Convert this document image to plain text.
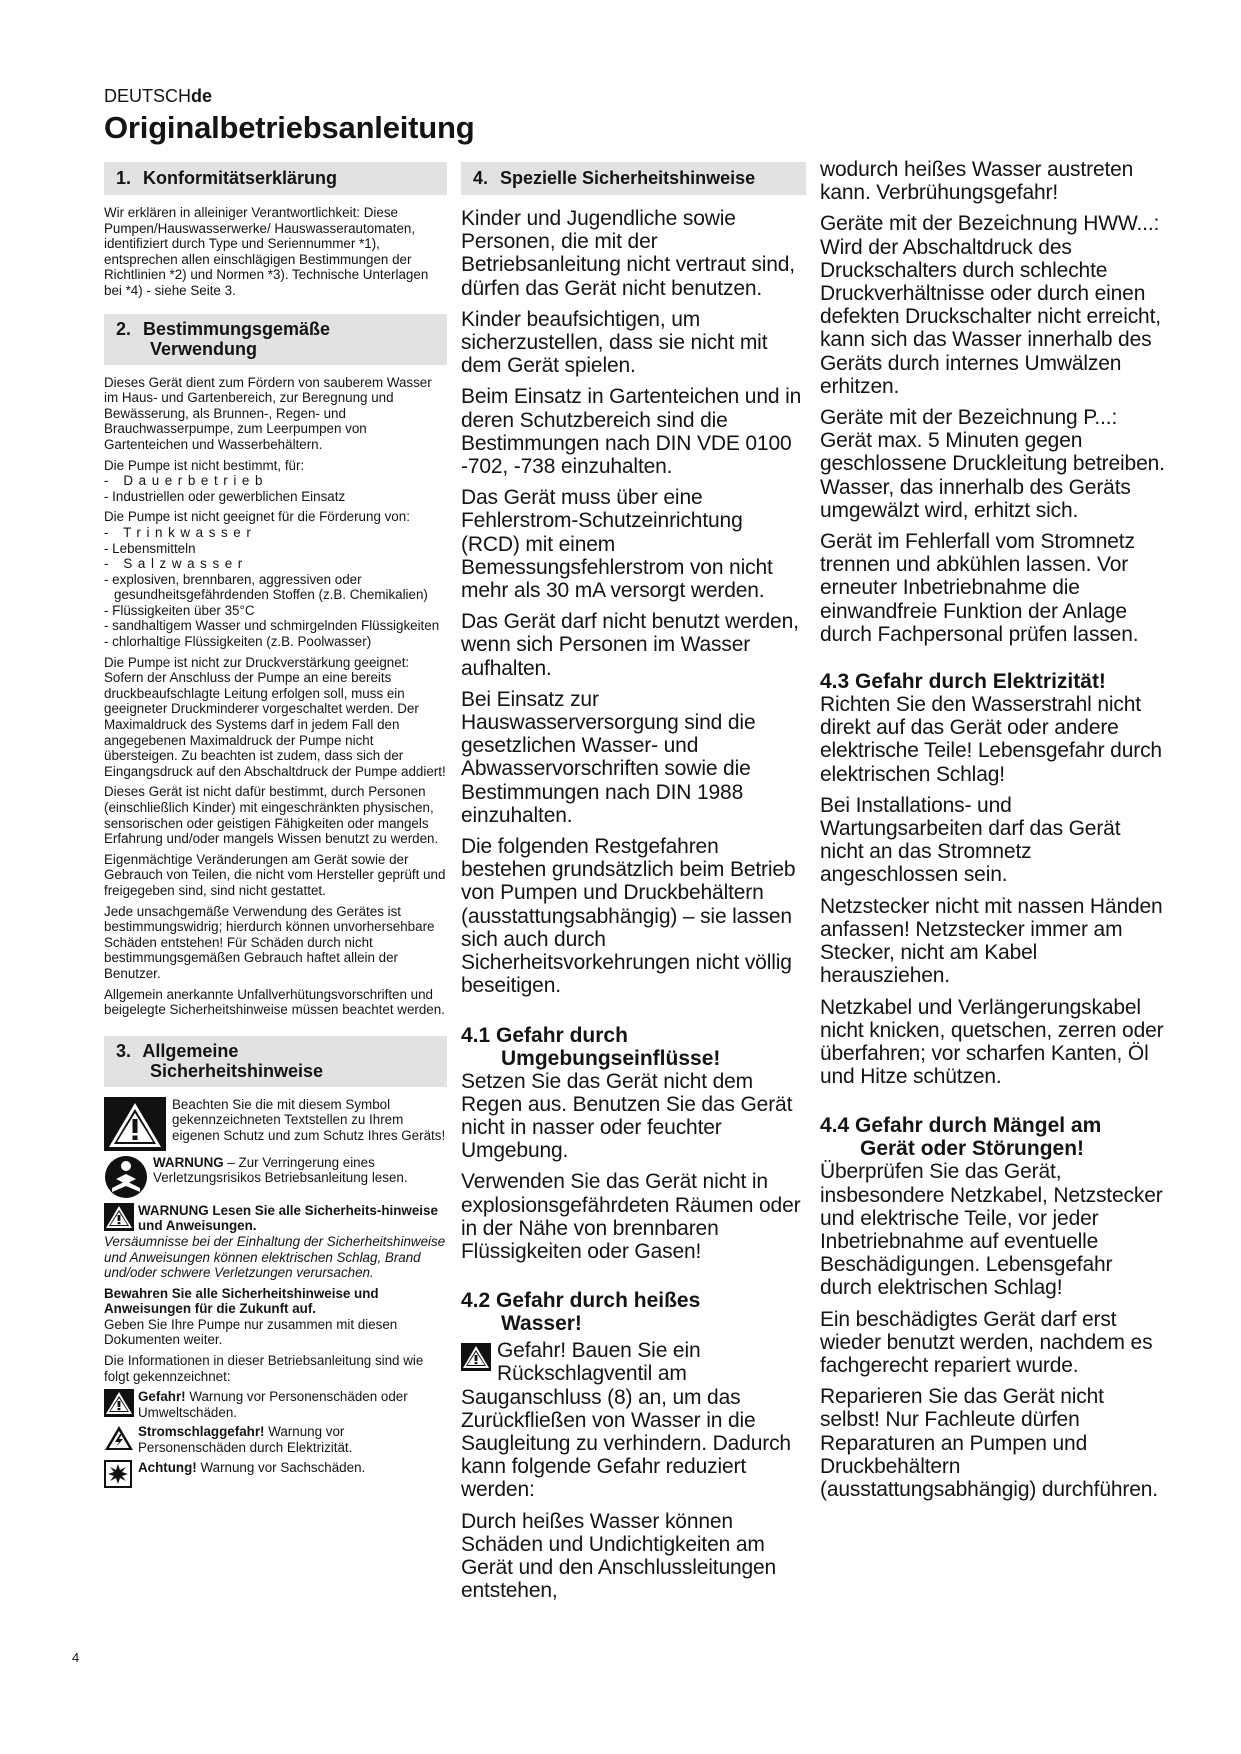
DEUTSCHde
Originalbetriebsanleitung
1. Konformitätserklärung

Wir erklären in alleiniger Verantwortlichkeit: Diese Pumpen/Hauswasserwerke/ Hauswasserautomaten, identifiziert durch Type und Seriennummer *1), entsprechen allen einschlägigen Bestimmungen der Richtlinien *2) und Normen *3). Technische Unterlagen bei *4) - siehe Seite 3.

2. Bestimmungsgemäße
Verwendung

Dieses Gerät dient zum Fördern von sauberem Wasser im Haus- und Gartenbereich, zur Beregnung und Bewässerung, als Brunnen-, Regen- und Brauchwasserpumpe, zum Leerpumpen von Gartenteichen und Wasserbehältern.

Die Pumpe ist nicht bestimmt, für:

- Dauerbetrieb
- Industriellen oder gewerblichen Einsatz

Die Pumpe ist nicht geeignet für die Förderung von:

- Trinkwasser
- Lebensmitteln
- Salzwasser
- explosiven, brennbaren, aggressiven oder gesundheitsgefährdenden Stoffen (z.B. Chemikalien)
- Flüssigkeiten über 35°C
- sandhaltigem Wasser und schmirgelnden Flüssigkeiten
- chlorhaltige Flüssigkeiten (z.B. Poolwasser)

Die Pumpe ist nicht zur Druckverstärkung geeignet: Sofern der Anschluss der Pumpe an eine bereits druckbeaufschlagte Leitung erfolgen soll, muss ein geeigneter Druckminderer vorgeschaltet werden. Der Maximaldruck des Systems darf in jedem Fall den angegebenen Maximaldruck der Pumpe nicht übersteigen. Zu beachten ist zudem, dass sich der Eingangsdruck auf den Abschaltdruck der Pumpe addiert!

Dieses Gerät ist nicht dafür bestimmt, durch Personen (einschließlich Kinder) mit eingeschränkten physischen, sensorischen oder geistigen Fähigkeiten oder mangels Erfahrung und/oder mangels Wissen benutzt zu werden.

Eigenmächtige Veränderungen am Gerät sowie der Gebrauch von Teilen, die nicht vom Hersteller geprüft und freigegeben sind, sind nicht gestattet.

Jede unsachgemäße Verwendung des Gerätes ist bestimmungswidrig; hierdurch können unvorhersehbare Schäden entstehen! Für Schäden durch nicht bestimmungsgemäßen Gebrauch haftet allein der Benutzer.

Allgemein anerkannte Unfallverhütungsvorschriften und beigelegte Sicherheitshinweise müssen beachtet werden.

3. Allgemeine
Sicherheitshinweise
Beachten Sie die mit diesem Symbol gekennzeichneten Textstellen zu Ihrem eigenen Schutz und zum Schutz Ihres Geräts!
WARNUNG – Zur Verringerung eines Verletzungsrisikos Betriebsanleitung lesen.
WARNUNG Lesen Sie alle Sicherheits-hinweise und Anweisungen.

Versäumnisse bei der Einhaltung der Sicherheitshinweise und Anweisungen können elektrischen Schlag, Brand und/oder schwere Verletzungen verursachen.

Bewahren Sie alle Sicherheitshinweise und Anweisungen für die Zukunft auf.

Geben Sie Ihre Pumpe nur zusammen mit diesen Dokumenten weiter.

Die Informationen in dieser Betriebsanleitung sind wie folgt gekennzeichnet:

Gefahr! Warnung vor Personenschäden oder Umweltschäden.
Stromschlaggefahr! Warnung vor Personenschäden durch Elektrizität.
Achtung! Warnung vor Sachschäden.
4. Spezielle Sicherheitshinweise

Kinder und Jugendliche sowie Personen, die mit der Betriebsanleitung nicht vertraut sind, dürfen das Gerät nicht benutzen.

Kinder beaufsichtigen, um sicherzustellen, dass sie nicht mit dem Gerät spielen.

Beim Einsatz in Gartenteichen und in deren Schutzbereich sind die Bestimmungen nach DIN VDE 0100 -702, -738 einzuhalten.

Das Gerät muss über eine Fehlerstrom-Schutzeinrichtung (RCD) mit einem Bemessungsfehlerstrom von nicht mehr als 30 mA versorgt werden.

Das Gerät darf nicht benutzt werden, wenn sich Personen im Wasser aufhalten.

Bei Einsatz zur Hauswasserversorgung sind die gesetzlichen Wasser- und Abwasservorschriften sowie die Bestimmungen nach DIN 1988 einzuhalten.

Die folgenden Restgefahren bestehen grundsätzlich beim Betrieb von Pumpen und Druckbehältern (ausstattungsabhängig) – sie lassen sich auch durch Sicherheitsvorkehrungen nicht völlig beseitigen.

4.1 Gefahr durch
Umgebungseinflüsse!

Setzen Sie das Gerät nicht dem Regen aus. Benutzen Sie das Gerät nicht in nasser oder feuchter Umgebung.

Verwenden Sie das Gerät nicht in explosionsgefährdeten Räumen oder in der Nähe von brennbaren Flüssigkeiten oder Gasen!

4.2 Gefahr durch heißes
Wasser!

Gefahr! Bauen Sie ein Rückschlagventil am Sauganschluss (8) an, um das Zurückfließen von Wasser in die Saugleitung zu verhindern. Dadurch kann folgende Gefahr reduziert werden:

Durch heißes Wasser können Schäden und Undichtigkeiten am Gerät und den Anschlussleitungen entstehen,

wodurch heißes Wasser austreten kann. Verbrühungsgefahr!

Geräte mit der Bezeichnung HWW...: Wird der Abschaltdruck des Druckschalters durch schlechte Druckverhältnisse oder durch einen defekten Druckschalter nicht erreicht, kann sich das Wasser innerhalb des Geräts durch internes Umwälzen erhitzen.

Geräte mit der Bezeichnung P...: Gerät max. 5 Minuten gegen geschlossene Druckleitung betreiben. Wasser, das innerhalb des Geräts umgewälzt wird, erhitzt sich.

Gerät im Fehlerfall vom Stromnetz trennen und abkühlen lassen. Vor erneuter Inbetriebnahme die einwandfreie Funktion der Anlage durch Fachpersonal prüfen lassen.

4.3 Gefahr durch Elektrizität!

Richten Sie den Wasserstrahl nicht direkt auf das Gerät oder andere elektrische Teile! Lebensgefahr durch elektrischen Schlag!

Bei Installations- und Wartungsarbeiten darf das Gerät nicht an das Stromnetz angeschlossen sein.

Netzstecker nicht mit nassen Händen anfassen! Netzstecker immer am Stecker, nicht am Kabel herausziehen.

Netzkabel und Verlängerungskabel nicht knicken, quetschen, zerren oder überfahren; vor scharfen Kanten, Öl und Hitze schützen.

4.4 Gefahr durch Mängel am
Gerät oder Störungen!

Überprüfen Sie das Gerät, insbesondere Netzkabel, Netzstecker und elektrische Teile, vor jeder Inbetriebnahme auf eventuelle Beschädigungen. Lebensgefahr durch elektrischen Schlag!

Ein beschädigtes Gerät darf erst wieder benutzt werden, nachdem es fachgerecht repariert wurde.

Reparieren Sie das Gerät nicht selbst! Nur Fachleute dürfen Reparaturen an Pumpen und Druckbehältern (ausstattungsabhängig) durchführen.

4
